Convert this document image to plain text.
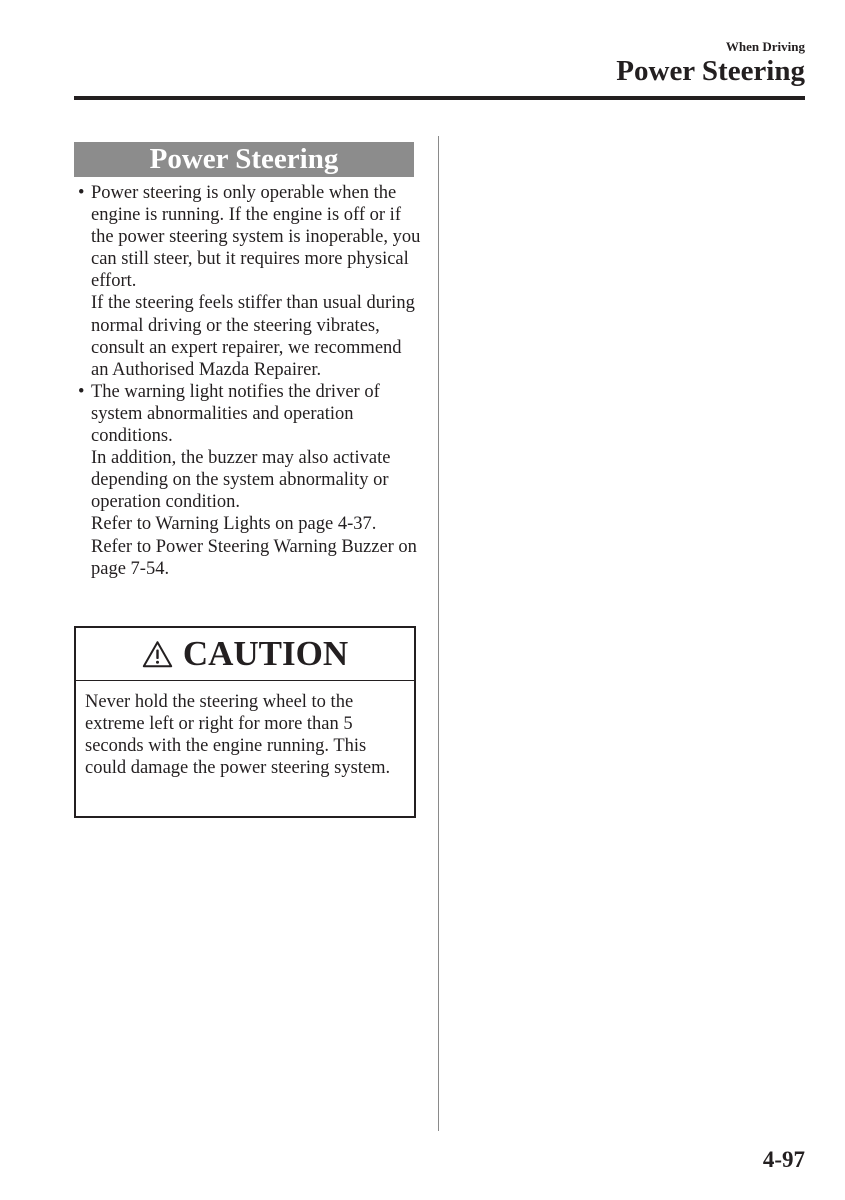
When Driving
Power Steering
Power Steering
• Power steering is only operable when the engine is running. If the engine is off or if the power steering system is inoperable, you can still steer, but it requires more physical effort.

If the steering feels stiffer than usual during normal driving or the steering vibrates, consult an expert repairer, we recommend an Authorised Mazda Repairer.

• The warning light notifies the driver of system abnormalities and operation conditions.

In addition, the buzzer may also activate depending on the system abnormality or operation condition.

Refer to Warning Lights on page 4-37.

Refer to Power Steering Warning Buzzer on page 7-54.

CAUTION

Never hold the steering wheel to the extreme left or right for more than 5 seconds with the engine running. This could damage the power steering system.

4-97
